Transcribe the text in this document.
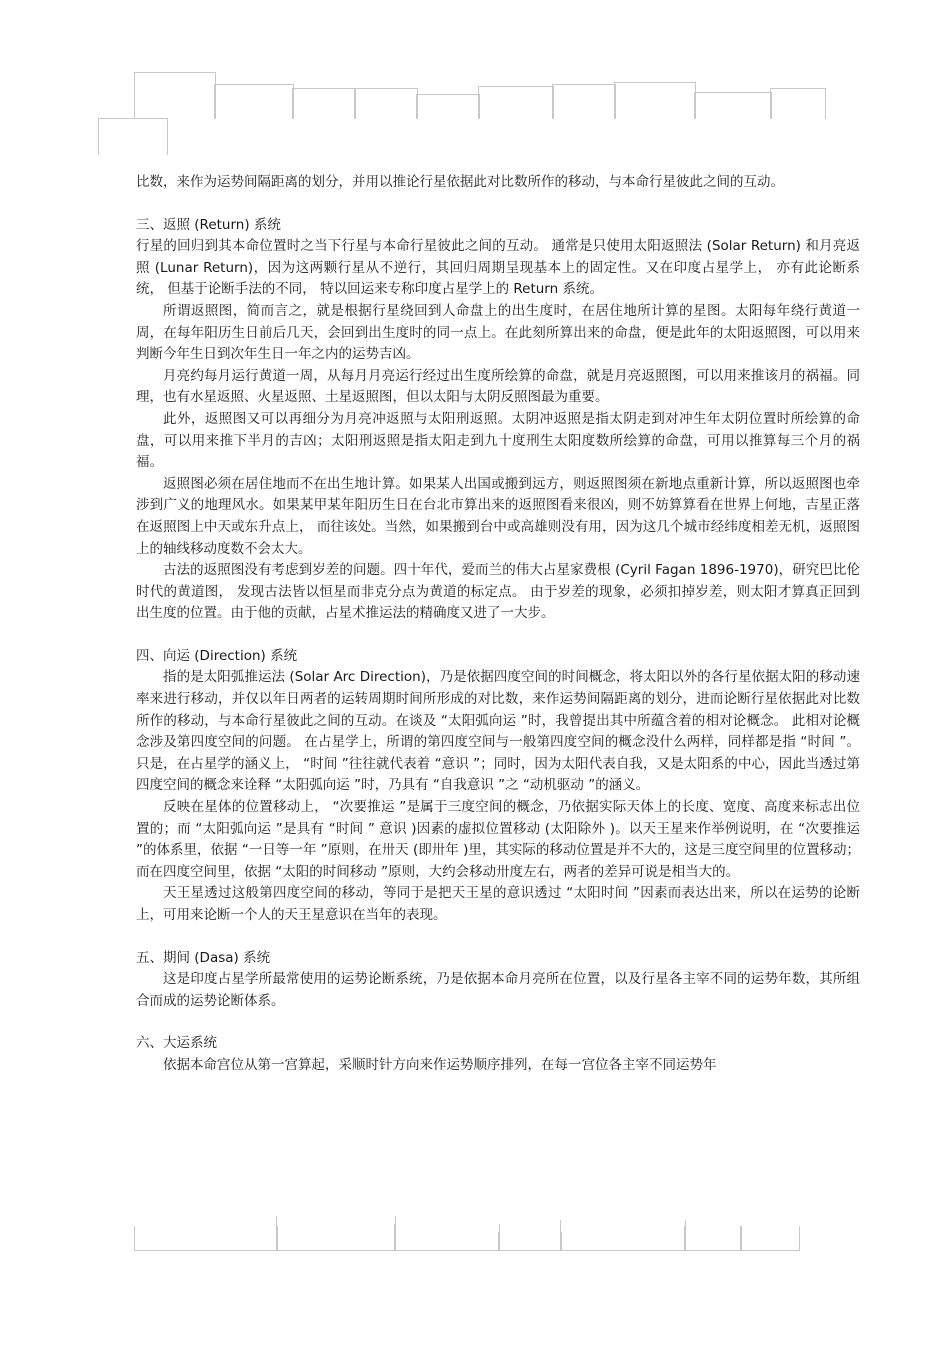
比数，来作为运势间隔距离的划分，并用以推论行星依据此对比数所作的移动，与本命行星彼此之间的互动。

三、返照 (Return) 系统

行星的回归到其本命位置时之当下行星与本命行星彼此之间的互动。 通常是只使用太阳返照法 (Solar Return) 和月亮返照 (Lunar Return)，因为这两颗行星从不逆行，其回归周期呈现基本上的固定性。又在印度占星学上， 亦有此论断系统， 但基于论断手法的不同， 特以回运来专称印度占星学上的 Return 系统。

所谓返照图，简而言之，就是根据行星绕回到人命盘上的出生度时，在居住地所计算的星图。太阳每年绕行黄道一周，在每年阳历生日前后几天，会回到出生度时的同一点上。在此刻所算出来的命盘，便是此年的太阳返照图，可以用来判断今年生日到次年生日一年之内的运势吉凶。

月亮约每月运行黄道一周，从每月月亮运行经过出生度所绘算的命盘，就是月亮返照图，可以用来推该月的祸福。同理，也有水星返照、火星返照、土星返照图，但以太阳与太阴反照图最为重要。

此外，返照图又可以再细分为月亮冲返照与太阳刑返照。太阴冲返照是指太阴走到对冲生年太阴位置时所绘算的命盘，可以用来推下半月的吉凶；太阳刑返照是指太阳走到九十度刑生太阳度数所绘算的命盘，可用以推算每三个月的祸福。

返照图必须在居住地而不在出生地计算。如果某人出国或搬到远方，则返照图须在新地点重新计算，所以返照图也牵涉到广义的地理风水。如果某甲某年阳历生日在台北市算出来的返照图看来很凶，则不妨算算看在世界上何地，吉星正落在返照图上中天或东升点上， 而往该处。当然，如果搬到台中或高雄则没有用，因为这几个城市经纬度相差无机，返照图上的轴线移动度数不会太大。

古法的返照图没有考虑到岁差的问题。四十年代，爱而兰的伟大占星家费根 (Cyril Fagan 1896-1970)，研究巴比伦时代的黄道图， 发现古法皆以恒星而非克分点为黄道的标定点。 由于岁差的现象，必须扣掉岁差，则太阳才算真正回到出生度的位置。由于他的贡献，占星术推运法的精确度又进了一大步。

四、向运 (Direction) 系统

指的是太阳弧推运法 (Solar Arc Direction)，乃是依据四度空间的时间概念，将太阳以外的各行星依据太阳的移动速率来进行移动，并仅以年日两者的运转周期时间所形成的对比数，来作运势间隔距离的划分，进而论断行星依据此对比数所作的移动，与本命行星彼此之间的互动。在谈及 “太阳弧向运 ”时，我曾提出其中所蕴含着的相对论概念。 此相对论概念涉及第四度空间的问题。 在占星学上，所谓的第四度空间与一般第四度空间的概念没什么两样，同样都是指 “时间 ”。只是，在占星学的涵义上， “时间 ”往往就代表着 “意识 ”；同时，因为太阳代表自我，又是太阳系的中心，因此当透过第四度空间的概念来诠释 “太阳弧向运 ”时，乃具有 “自我意识 ”之 “动机驱动 ”的涵义。

反映在星体的位置移动上， “次要推运 ”是属于三度空间的概念，乃依据实际天体上的长度、宽度、高度来标志出位置的；而 “太阳弧向运 ”是具有 “时间 ” 意识 )因素的虚拟位置移动 (太阳除外 )。以天王星来作举例说明，在 “次要推运 ”的体系里，依据 “一日等一年 ”原则，在卅天 (即卅年 )里，其实际的移动位置是并不大的，这是三度空间里的位置移动；而在四度空间里，依据 “太阳的时间移动 ”原则，大约会移动卅度左右，两者的差异可说是相当大的。

天王星透过这般第四度空间的移动，等同于是把天王星的意识透过 “太阳时间 ”因素而表达出来，所以在运势的论断上，可用来论断一个人的天王星意识在当年的表现。

五、期间 (Dasa) 系统

这是印度占星学所最常使用的运势论断系统，乃是依据本命月亮所在位置，以及行星各主宰不同的运势年数，其所组合而成的运势论断体系。

六、大运系统

依据本命宫位从第一宫算起，采顺时针方向来作运势顺序排列，在每一宫位各主宰不同运势年
